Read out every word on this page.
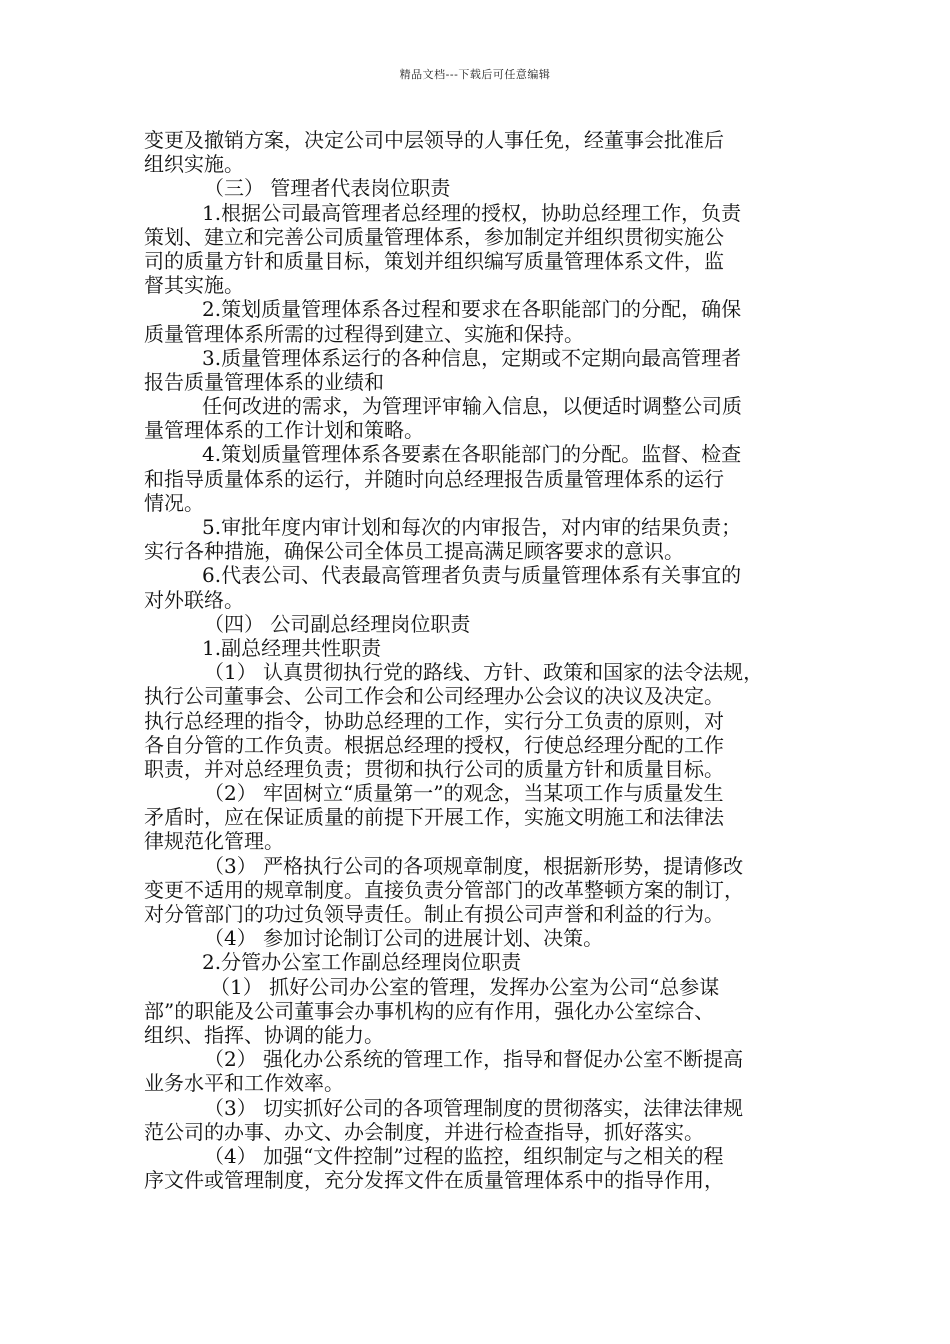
精品文档---下载后可任意编辑
变更及撤销方案，决定公司中层领导的人事任免，经董事会批准后
组织实施。
（三） 管理者代表岗位职责
1.根据公司最高管理者总经理的授权，协助总经理工作，负责
策划、建立和完善公司质量管理体系，参加制定并组织贯彻实施公
司的质量方针和质量目标，策划并组织编写质量管理体系文件，监
督其实施。
2.策划质量管理体系各过程和要求在各职能部门的分配，确保
质量管理体系所需的过程得到建立、实施和保持。
3.质量管理体系运行的各种信息，定期或不定期向最高管理者
报告质量管理体系的业绩和
任何改进的需求，为管理评审输入信息，以便适时调整公司质
量管理体系的工作计划和策略。
4.策划质量管理体系各要素在各职能部门的分配。监督、检查
和指导质量体系的运行，并随时向总经理报告质量管理体系的运行
情况。
5.审批年度内审计划和每次的内审报告，对内审的结果负责；
实行各种措施，确保公司全体员工提高满足顾客要求的意识。
6.代表公司、代表最高管理者负责与质量管理体系有关事宜的
对外联络。
（四） 公司副总经理岗位职责
1.副总经理共性职责
（1） 认真贯彻执行党的路线、方针、政策和国家的法令法规，
执行公司董事会、公司工作会和公司经理办公会议的决议及决定。
执行总经理的指令，协助总经理的工作，实行分工负责的原则，对
各自分管的工作负责。根据总经理的授权，行使总经理分配的工作
职责，并对总经理负责；贯彻和执行公司的质量方针和质量目标。
（2） 牢固树立“质量第一”的观念，当某项工作与质量发生
矛盾时，应在保证质量的前提下开展工作，实施文明施工和法律法
律规范化管理。
（3） 严格执行公司的各项规章制度，根据新形势，提请修改
变更不适用的规章制度。直接负责分管部门的改革整顿方案的制订，
对分管部门的功过负领导责任。制止有损公司声誉和利益的行为。
（4） 参加讨论制订公司的进展计划、决策。
2.分管办公室工作副总经理岗位职责
（1） 抓好公司办公室的管理，发挥办公室为公司“总参谋
部”的职能及公司董事会办事机构的应有作用，强化办公室综合、
组织、指挥、协调的能力。
（2） 强化办公系统的管理工作，指导和督促办公室不断提高
业务水平和工作效率。
（3） 切实抓好公司的各项管理制度的贯彻落实，法律法律规
范公司的办事、办文、办会制度，并进行检查指导，抓好落实。
（4） 加强“文件控制”过程的监控，组织制定与之相关的程
序文件或管理制度，充分发挥文件在质量管理体系中的指导作用，
